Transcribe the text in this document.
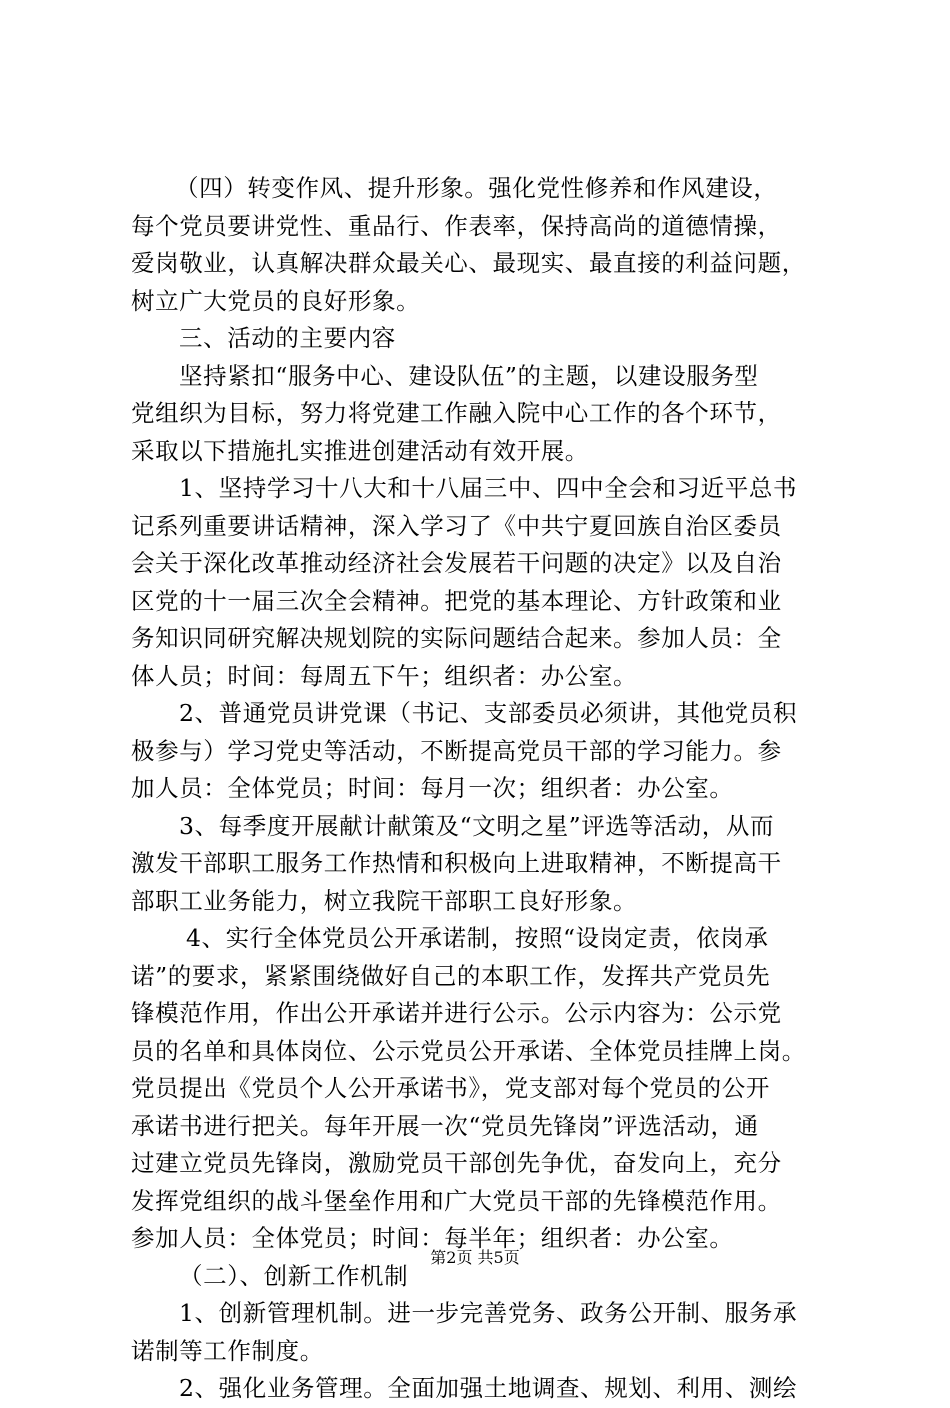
（四）转变作风、提升形象。强化党性修养和作风建设，
每个党员要讲党性、重品行、作表率，保持高尚的道德情操，
爱岗敬业，认真解决群众最关心、最现实、最直接的利益问题，
树立广大党员的良好形象。
三、活动的主要内容
坚持紧扣“服务中心、建设队伍”的主题，以建设服务型
党组织为目标，努力将党建工作融入院中心工作的各个环节，
采取以下措施扎实推进创建活动有效开展。
1、坚持学习十八大和十八届三中、四中全会和习近平总书
记系列重要讲话精神，深入学习了《中共宁夏回族自治区委员
会关于深化改革推动经济社会发展若干问题的决定》以及自治
区党的十一届三次全会精神。把党的基本理论、方针政策和业
务知识同研究解决规划院的实际问题结合起来。参加人员：全
体人员；时间：每周五下午；组织者：办公室。
2、普通党员讲党课（书记、支部委员必须讲，其他党员积
极参与）学习党史等活动，不断提高党员干部的学习能力。参
加人员：全体党员；时间：每月一次；组织者：办公室。
3、每季度开展献计献策及“文明之星”评选等活动，从而
激发干部职工服务工作热情和积极向上进取精神，不断提高干
部职工业务能力，树立我院干部职工良好形象。
4、实行全体党员公开承诺制，按照“设岗定责，依岗承
诺”的要求，紧紧围绕做好自己的本职工作，发挥共产党员先
锋模范作用，作出公开承诺并进行公示。公示内容为：公示党
员的名单和具体岗位、公示党员公开承诺、全体党员挂牌上岗。
党员提出《党员个人公开承诺书》，党支部对每个党员的公开
承诺书进行把关。每年开展一次“党员先锋岗”评选活动，通
过建立党员先锋岗，激励党员干部创先争优，奋发向上，充分
发挥党组织的战斗堡垒作用和广大党员干部的先锋模范作用。
参加人员：全体党员；时间：每半年；组织者：办公室。
（二）、创新工作机制
1、创新管理机制。进一步完善党务、政务公开制、服务承
诺制等工作制度。
2、强化业务管理。全面加强土地调查、规划、利用、测绘
第2页 共5页
